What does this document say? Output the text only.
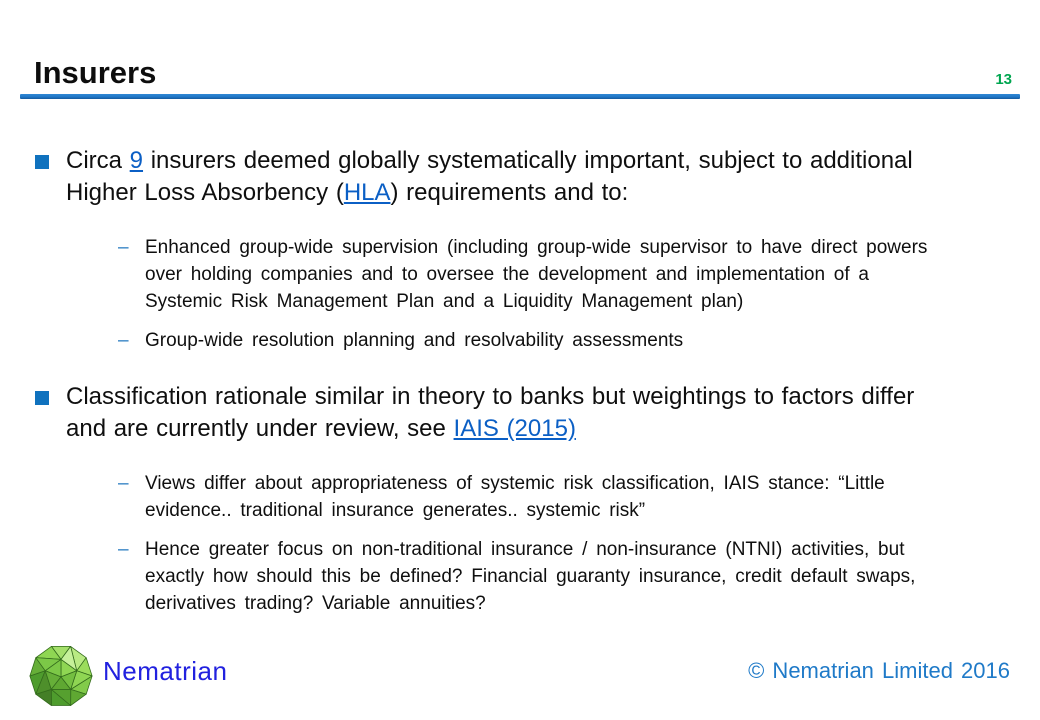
Insurers	13
Circa 9 insurers deemed globally systematically important, subject to additional Higher Loss Absorbency (HLA) requirements and to:
– Enhanced group-wide supervision (including group-wide supervisor to have direct powers over holding companies and to oversee the development and implementation of a Systemic Risk Management Plan and a Liquidity Management plan)
– Group-wide resolution planning and resolvability assessments
Classification rationale similar in theory to banks but weightings to factors differ and are currently under review, see IAIS (2015)
– Views differ about appropriateness of systemic risk classification, IAIS stance: “Little evidence.. traditional insurance generates.. systemic risk”
– Hence greater focus on non-traditional insurance / non-insurance (NTNI) activities, but exactly how should this be defined? Financial guaranty insurance, credit default swaps, derivatives trading? Variable annuities?
Nematrian	© Nematrian Limited 2016
